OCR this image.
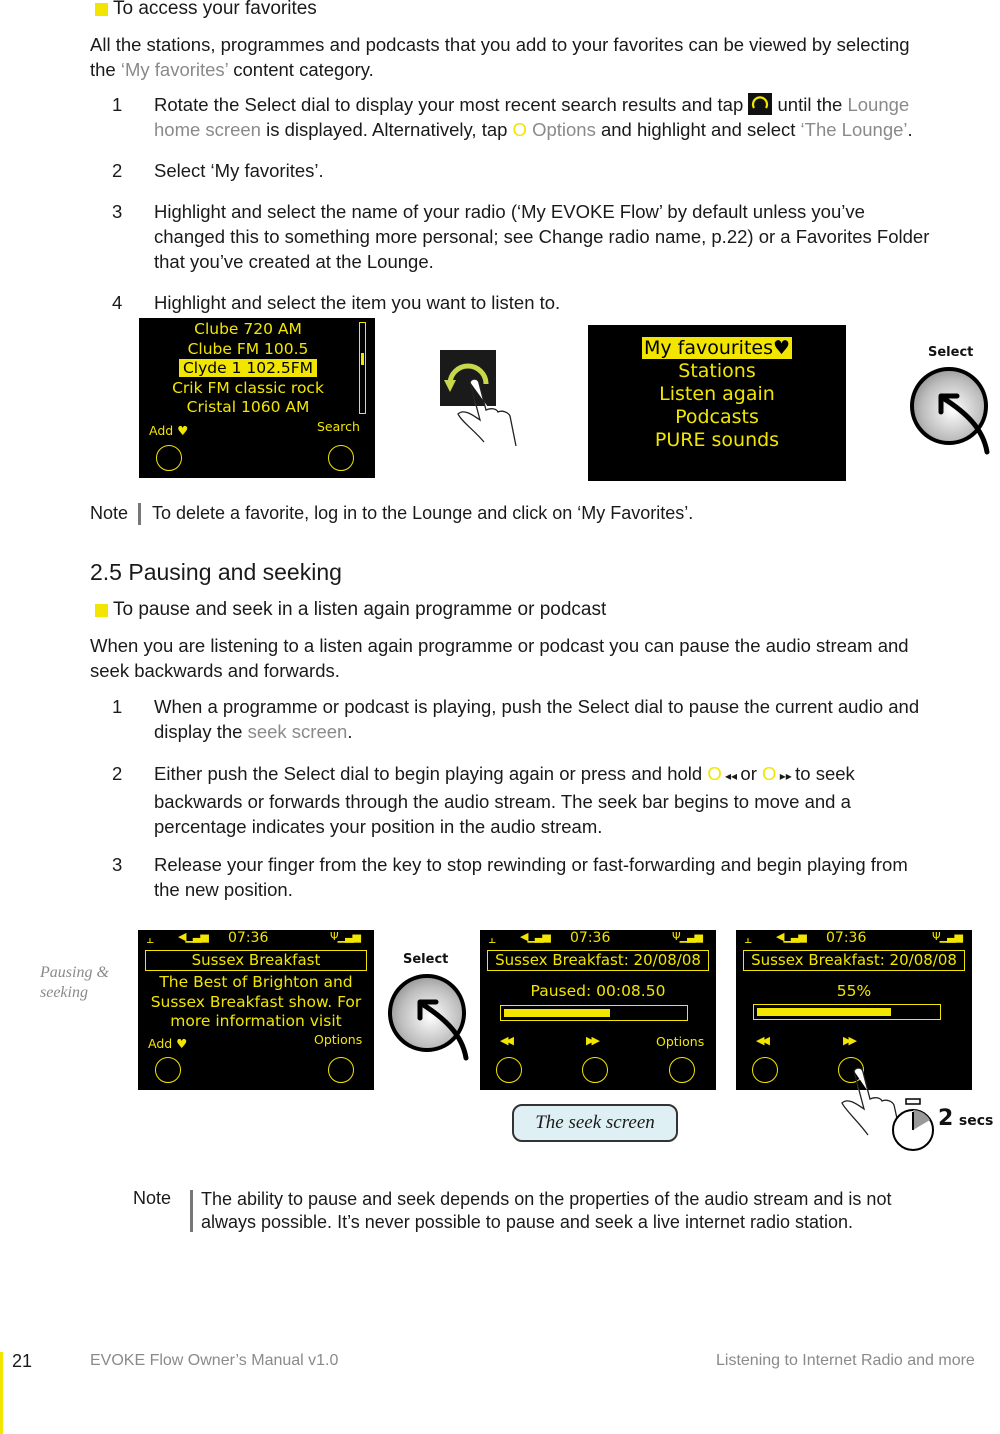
To access your favorites
All the stations, programmes and podcasts that you add to your favorites can be viewed by selecting
the ‘My favorites’ content category.
1 Rotate the Select dial to display your most recent search results and tap  until the Lounge
home screen is displayed. Alternatively, tap O Options and highlight and select ‘The Lounge’.
2 Select ‘My favorites’.
3 Highlight and select the name of your radio (‘My EVOKE Flow’ by default unless you’ve
changed this to something more personal; see Change radio name, p.22) or a Favorites Folder
that you’ve created at the Lounge.
4 Highlight and select the item you want to listen to.
Clube 720 AM
Clube FM 100.5
Clyde 1 102.5FM
Crik FM classic rock
Cristal 1060 AM
Add ♥	Search
My favourites♥
Stations
Listen again
Podcasts
PURE sounds
Select
Note To delete a favorite, log in to the Lounge and click on ‘My Favorites’.
2.5 Pausing and seeking
To pause and seek in a listen again programme or podcast
When you are listening to a listen again programme or podcast you can pause the audio stream and
seek backwards and forwards.
1 When a programme or podcast is playing, push the Select dial to pause the current audio and
display the seek screen.
2 Either push the Select dial to begin playing again or press and hold O ◂◂ or O ▸▸ to seek
backwards or forwards through the audio stream. The seek bar begins to move and a
percentage indicates your position in the audio stream.
3 Release your finger from the key to stop rewinding or fast-forwarding and begin playing from
the new position.
Pausing &
seeking
⫠ ◀▁▃▅ 07:36	Ψ▁▃▅
Sussex Breakfast
The Best of Brighton and
Sussex Breakfast show. For
more information visit
Add ♥	Options
Select
⫠ ◀▁▃▅ 07:36	Ψ▁▃▅
Sussex Breakfast: 20/08/08
Paused: 00:08.50
◀◀	▶▶	Options
The seek screen
⫠ ◀▁▃▅ 07:36	Ψ▁▃▅
Sussex Breakfast: 20/08/08
55%
◀◀	▶▶
2 secs
Note The ability to pause and seek depends on the properties of the audio stream and is not
always possible. It’s never possible to pause and seek a live internet radio station.
21	EVOKE Flow Owner’s Manual v1.0	Listening to Internet Radio and more
